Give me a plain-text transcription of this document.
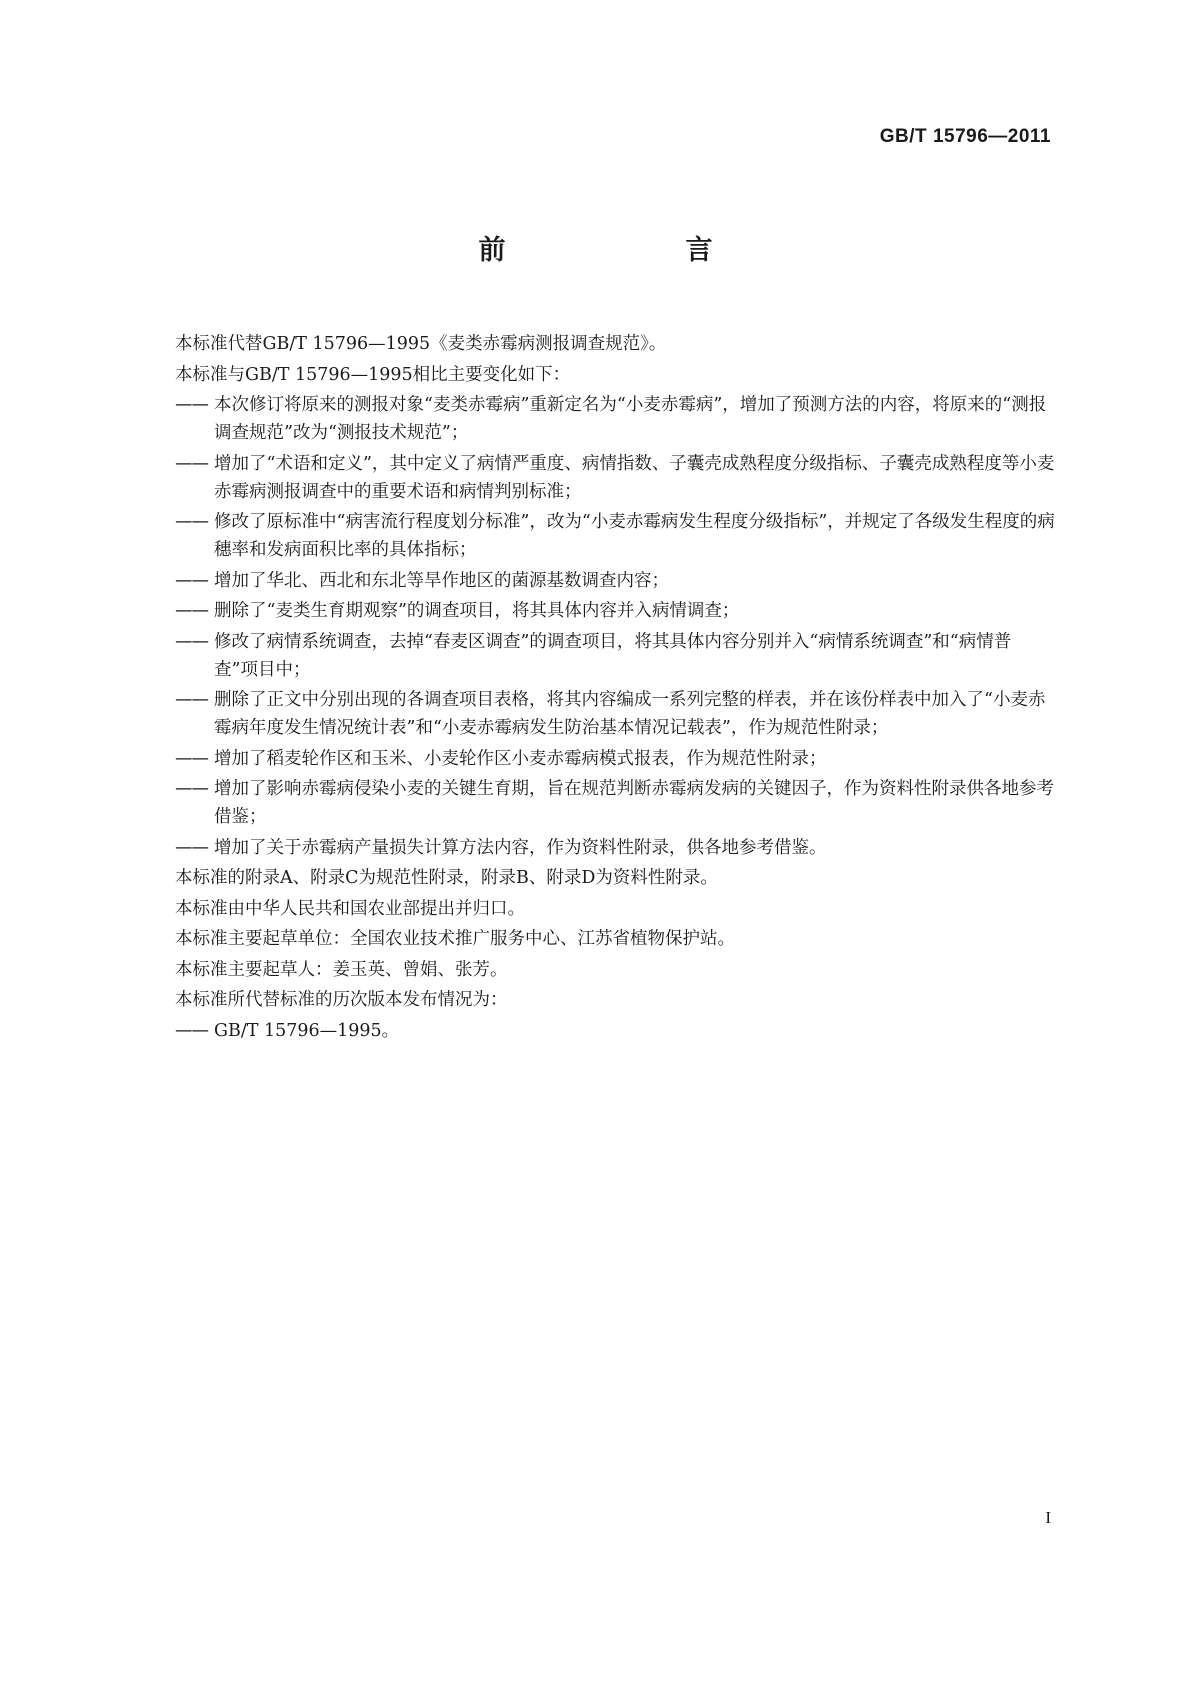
GB/T 15796—2011
前　　言

本标准代替GB/T 15796—1995《麦类赤霉病测报调查规范》。

本标准与GB/T 15796—1995相比主要变化如下：

—— 本次修订将原来的测报对象“麦类赤霉病”重新定名为“小麦赤霉病”，增加了预测方法的内容，将原来的“测报调查规范”改为“测报技术规范”；
—— 增加了“术语和定义”，其中定义了病情严重度、病情指数、子囊壳成熟程度分级指标、子囊壳成熟程度等小麦赤霉病测报调查中的重要术语和病情判别标准；
—— 修改了原标准中“病害流行程度划分标准”，改为“小麦赤霉病发生程度分级指标”，并规定了各级发生程度的病穗率和发病面积比率的具体指标；
—— 增加了华北、西北和东北等旱作地区的菌源基数调查内容；
—— 删除了“麦类生育期观察”的调查项目，将其具体内容并入病情调查；
—— 修改了病情系统调查，去掉“春麦区调查”的调查项目，将其具体内容分别并入“病情系统调查”和“病情普查”项目中；
—— 删除了正文中分别出现的各调查项目表格，将其内容编成一系列完整的样表，并在该份样表中加入了“小麦赤霉病年度发生情况统计表”和“小麦赤霉病发生防治基本情况记载表”，作为规范性附录；
—— 增加了稻麦轮作区和玉米、小麦轮作区小麦赤霉病模式报表，作为规范性附录；
—— 增加了影响赤霉病侵染小麦的关键生育期，旨在规范判断赤霉病发病的关键因子，作为资料性附录供各地参考借鉴；
—— 增加了关于赤霉病产量损失计算方法内容，作为资料性附录，供各地参考借鉴。

本标准的附录A、附录C为规范性附录，附录B、附录D为资料性附录。

本标准由中华人民共和国农业部提出并归口。

本标准主要起草单位：全国农业技术推广服务中心、江苏省植物保护站。

本标准主要起草人：姜玉英、曾娟、张芳。

本标准所代替标准的历次版本发布情况为：

—— GB/T 15796—1995。
I
